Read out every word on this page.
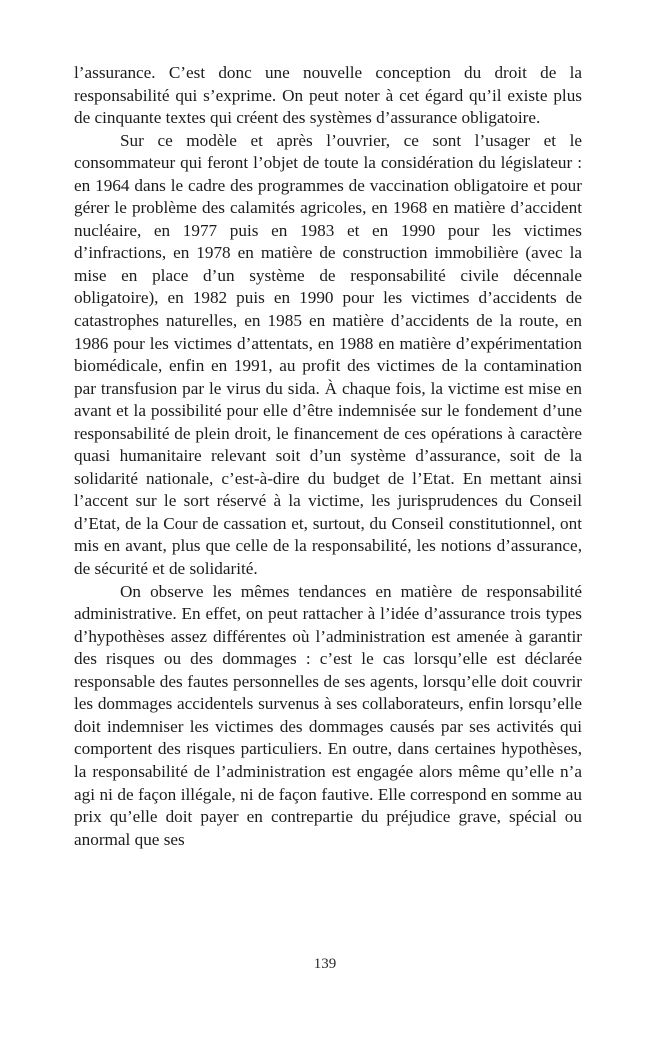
l’assurance. C’est donc une nouvelle conception du droit de la responsabilité qui s’exprime. On peut noter à cet égard qu’il existe plus de cinquante textes qui créent des systèmes d’assurance obligatoire.

Sur ce modèle et après l’ouvrier, ce sont l’usager et le consommateur qui feront l’objet de toute la considération du législateur : en 1964 dans le cadre des programmes de vaccination obligatoire et pour gérer le problème des calamités agricoles, en 1968 en matière d’accident nucléaire, en 1977 puis en 1983 et en 1990 pour les victimes d’infractions, en 1978 en matière de construction immobilière (avec la mise en place d’un système de responsabilité civile décennale obligatoire), en 1982 puis en 1990 pour les victimes d’accidents de catastrophes naturelles, en 1985 en matière d’accidents de la route, en 1986 pour les victimes d’attentats, en 1988 en matière d’expérimentation biomédicale, enfin en 1991, au profit des victimes de la contamination par transfusion par le virus du sida. À chaque fois, la victime est mise en avant et la possibilité pour elle d’être indemnisée sur le fondement d’une responsabilité de plein droit, le financement de ces opérations à caractère quasi humanitaire relevant soit d’un système d’assurance, soit de la solidarité nationale, c’est-à-dire du budget de l’Etat. En mettant ainsi l’accent sur le sort réservé à la victime, les jurisprudences du Conseil d’Etat, de la Cour de cassation et, surtout, du Conseil constitutionnel, ont mis en avant, plus que celle de la responsabilité, les notions d’assurance, de sécurité et de solidarité.

On observe les mêmes tendances en matière de responsabilité administrative. En effet, on peut rattacher à l’idée d’assurance trois types d’hypothèses assez différentes où l’administration est amenée à garantir des risques ou des dommages : c’est le cas lorsqu’elle est déclarée responsable des fautes personnelles de ses agents, lorsqu’elle doit couvrir les dommages accidentels survenus à ses collaborateurs, enfin lorsqu’elle doit indemniser les victimes des dommages causés par ses activités qui comportent des risques particuliers. En outre, dans certaines hypothèses, la responsabilité de l’administration est engagée alors même qu’elle n’a agi ni de façon illégale, ni de façon fautive. Elle correspond en somme au prix qu’elle doit payer en contrepartie du préjudice grave, spécial ou anormal que ses

139
